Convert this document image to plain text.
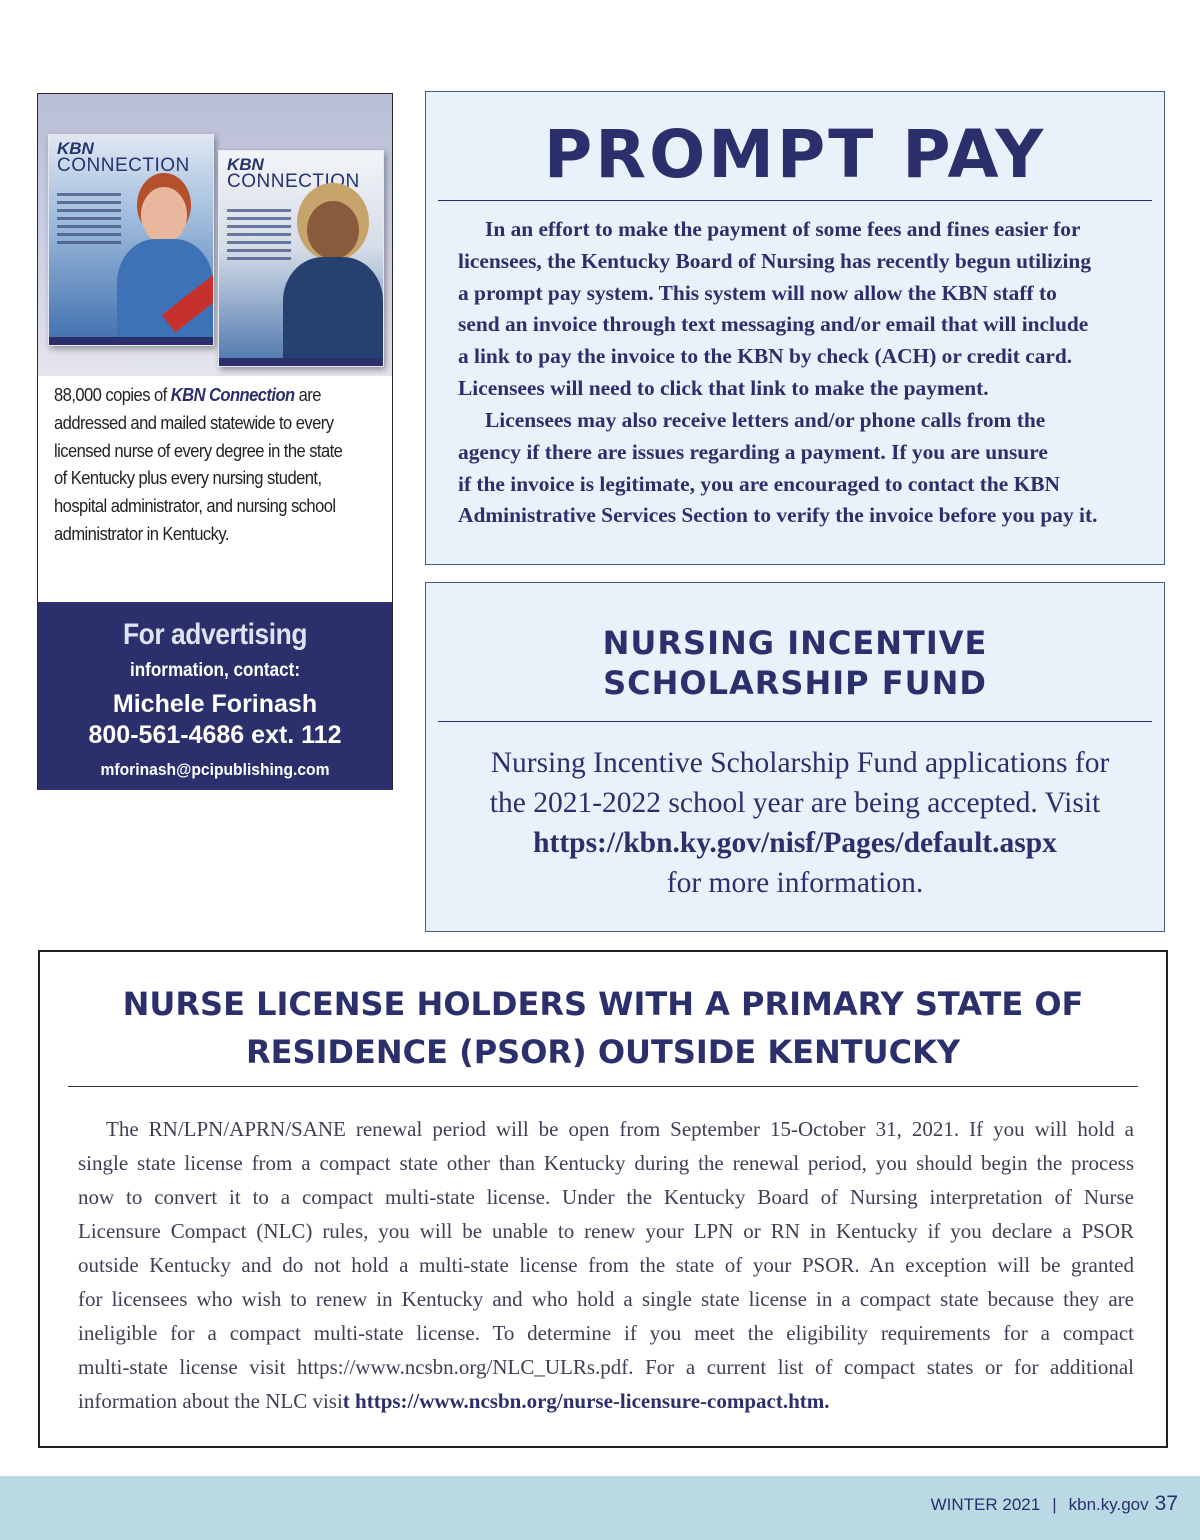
KBN
CONNECTION KBN
CONNECTION
88,000 copies of KBN Connection are
addressed and mailed statewide to every
licensed nurse of every degree in the state
of Kentucky plus every nursing student,
hospital administrator, and nursing school
administrator in Kentucky.
For advertising
information, contact:
Michele Forinash
800-561-4686 ext. 112
mforinash@pcipublishing.com
PROMPT PAY
In an effort to make the payment of some fees and fines easier for
licensees, the Kentucky Board of Nursing has recently begun utilizing
a prompt pay system. This system will now allow the KBN staff to
send an invoice through text messaging and/or email that will include
a link to pay the invoice to the KBN by check (ACH) or credit card.
Licensees will need to click that link to make the payment.
Licensees may also receive letters and/or phone calls from the
agency if there are issues regarding a payment. If you are unsure
if the invoice is legitimate, you are encouraged to contact the KBN
Administrative Services Section to verify the invoice before you pay it.
NURSING INCENTIVE
SCHOLARSHIP FUND
Nursing Incentive Scholarship Fund applications for
the 2021-2022 school year are being accepted. Visit
https://kbn.ky.gov/nisf/Pages/default.aspx
for more information.
NURSE LICENSE HOLDERS WITH A PRIMARY STATE OF
RESIDENCE (PSOR) OUTSIDE KENTUCKY
The RN/LPN/APRN/SANE renewal period will be open from September 15-October 31, 2021. If you will hold a
single state license from a compact state other than Kentucky during the renewal period, you should begin the process
now to convert it to a compact multi-state license. Under the Kentucky Board of Nursing interpretation of Nurse
Licensure Compact (NLC) rules, you will be unable to renew your LPN or RN in Kentucky if you declare a PSOR
outside Kentucky and do not hold a multi-state license from the state of your PSOR. An exception will be granted
for licensees who wish to renew in Kentucky and who hold a single state license in a compact state because they are
ineligible for a compact multi-state license. To determine if you meet the eligibility requirements for a compact
multi-state license visit https://www.ncsbn.org/NLC_ULRs.pdf. For a current list of compact states or for additional
information about the NLC visit https://www.ncsbn.org/nurse-licensure-compact.htm.
WINTER 2021 | kbn.ky.gov 37
